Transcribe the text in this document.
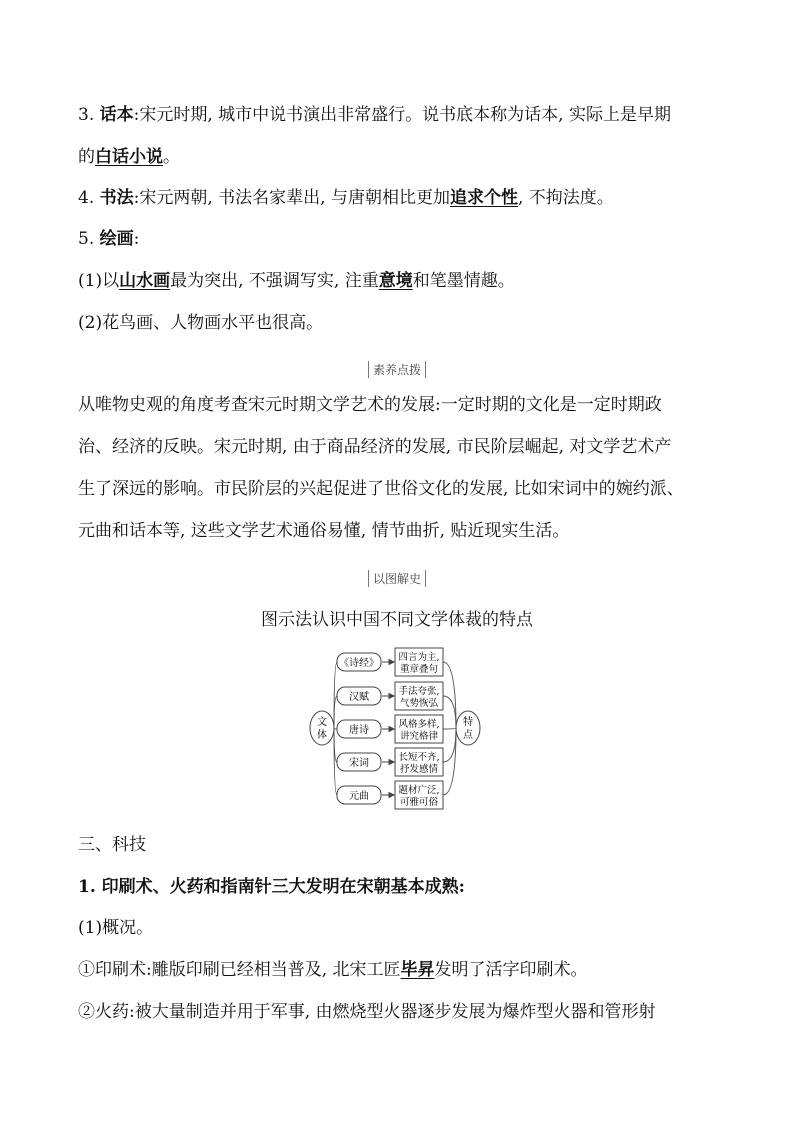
3. 话本:宋元时期, 城市中说书演出非常盛行。说书底本称为话本, 实际上是早期
的白话小说。
4. 书法:宋元两朝, 书法名家辈出, 与唐朝相比更加追求个性, 不拘法度。
5. 绘画:
(1)以山水画最为突出, 不强调写实, 注重意境和笔墨情趣。
(2)花鸟画、人物画水平也很高。
素养点拨
从唯物史观的角度考查宋元时期文学艺术的发展:一定时期的文化是一定时期政
治、经济的反映。宋元时期, 由于商品经济的发展, 市民阶层崛起, 对文学艺术产
生了深远的影响。市民阶层的兴起促进了世俗文化的发展, 比如宋词中的婉约派、
元曲和话本等, 这些文学艺术通俗易懂, 情节曲折, 贴近现实生活。
以图解史
图示法认识中国不同文学体裁的特点
文
体
特
点
《诗经》
汉赋
唐诗
宋词
元曲
四言为主,
重章叠句
手法夸张,
气势恢弘
风格多样,
讲究格律
长短不齐,
抒发感情
题材广泛,
可雅可俗
三、科技
1. 印刷术、火药和指南针三大发明在宋朝基本成熟:
(1)概况。
①印刷术:雕版印刷已经相当普及, 北宋工匠毕昇发明了活字印刷术。
②火药:被大量制造并用于军事, 由燃烧型火器逐步发展为爆炸型火器和管形射
